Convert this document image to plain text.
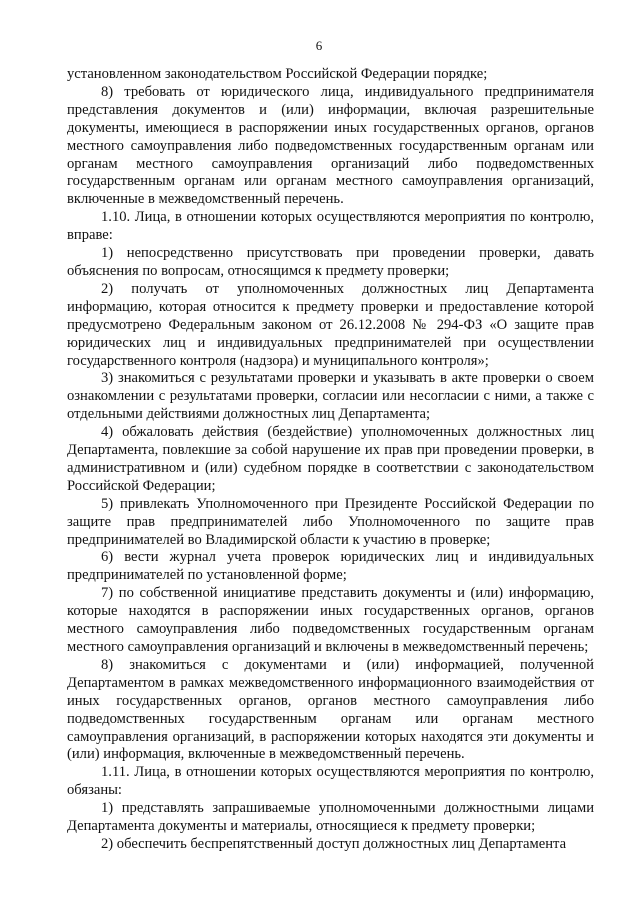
6

установленном законодательством Российской Федерации порядке;

8) требовать от юридического лица, индивидуального предпринимателя представления документов и (или) информации, включая разрешительные документы, имеющиеся в распоряжении иных государственных органов, органов местного самоуправления либо подведомственных государственным органам или органам местного самоуправления организаций либо подведомственных государственным органам или органам местного самоуправления организаций, включенные в межведомственный перечень.

1.10. Лица, в отношении которых осуществляются мероприятия по контролю, вправе:

1) непосредственно присутствовать при проведении проверки, давать объяснения по вопросам, относящимся к предмету проверки;

2) получать от уполномоченных должностных лиц Департамента информацию, которая относится к предмету проверки и предоставление которой предусмотрено Федеральным законом от 26.12.2008 № 294-ФЗ «О защите прав юридических лиц и индивидуальных предпринимателей при осуществлении государственного контроля (надзора) и муниципального контроля»;

3) знакомиться с результатами проверки и указывать в акте проверки о своем ознакомлении с результатами проверки, согласии или несогласии с ними, а также с отдельными действиями должностных лиц Департамента;

4) обжаловать действия (бездействие) уполномоченных должностных лиц Департамента, повлекшие за собой нарушение их прав при проведении проверки, в административном и (или) судебном порядке в соответствии с законодательством Российской Федерации;

5) привлекать Уполномоченного при Президенте Российской Федерации по защите прав предпринимателей либо Уполномоченного по защите прав предпринимателей во Владимирской области к участию в проверке;

6) вести журнал учета проверок юридических лиц и индивидуальных предпринимателей по установленной форме;

7) по собственной инициативе представить документы и (или) информацию, которые находятся в распоряжении иных государственных органов, органов местного самоуправления либо подведомственных государственным органам местного самоуправления организаций и включены в межведомственный перечень;

8) знакомиться с документами и (или) информацией, полученной Департаментом в рамках межведомственного информационного взаимодействия от иных государственных органов, органов местного самоуправления либо подведомственных государственным органам или органам местного самоуправления организаций, в распоряжении которых находятся эти документы и (или) информация, включенные в межведомственный перечень.

1.11. Лица, в отношении которых осуществляются мероприятия по контролю, обязаны:

1) представлять запрашиваемые уполномоченными должностными лицами Департамента документы и материалы, относящиеся к предмету проверки;

2) обеспечить беспрепятственный доступ должностных лиц Департамента
